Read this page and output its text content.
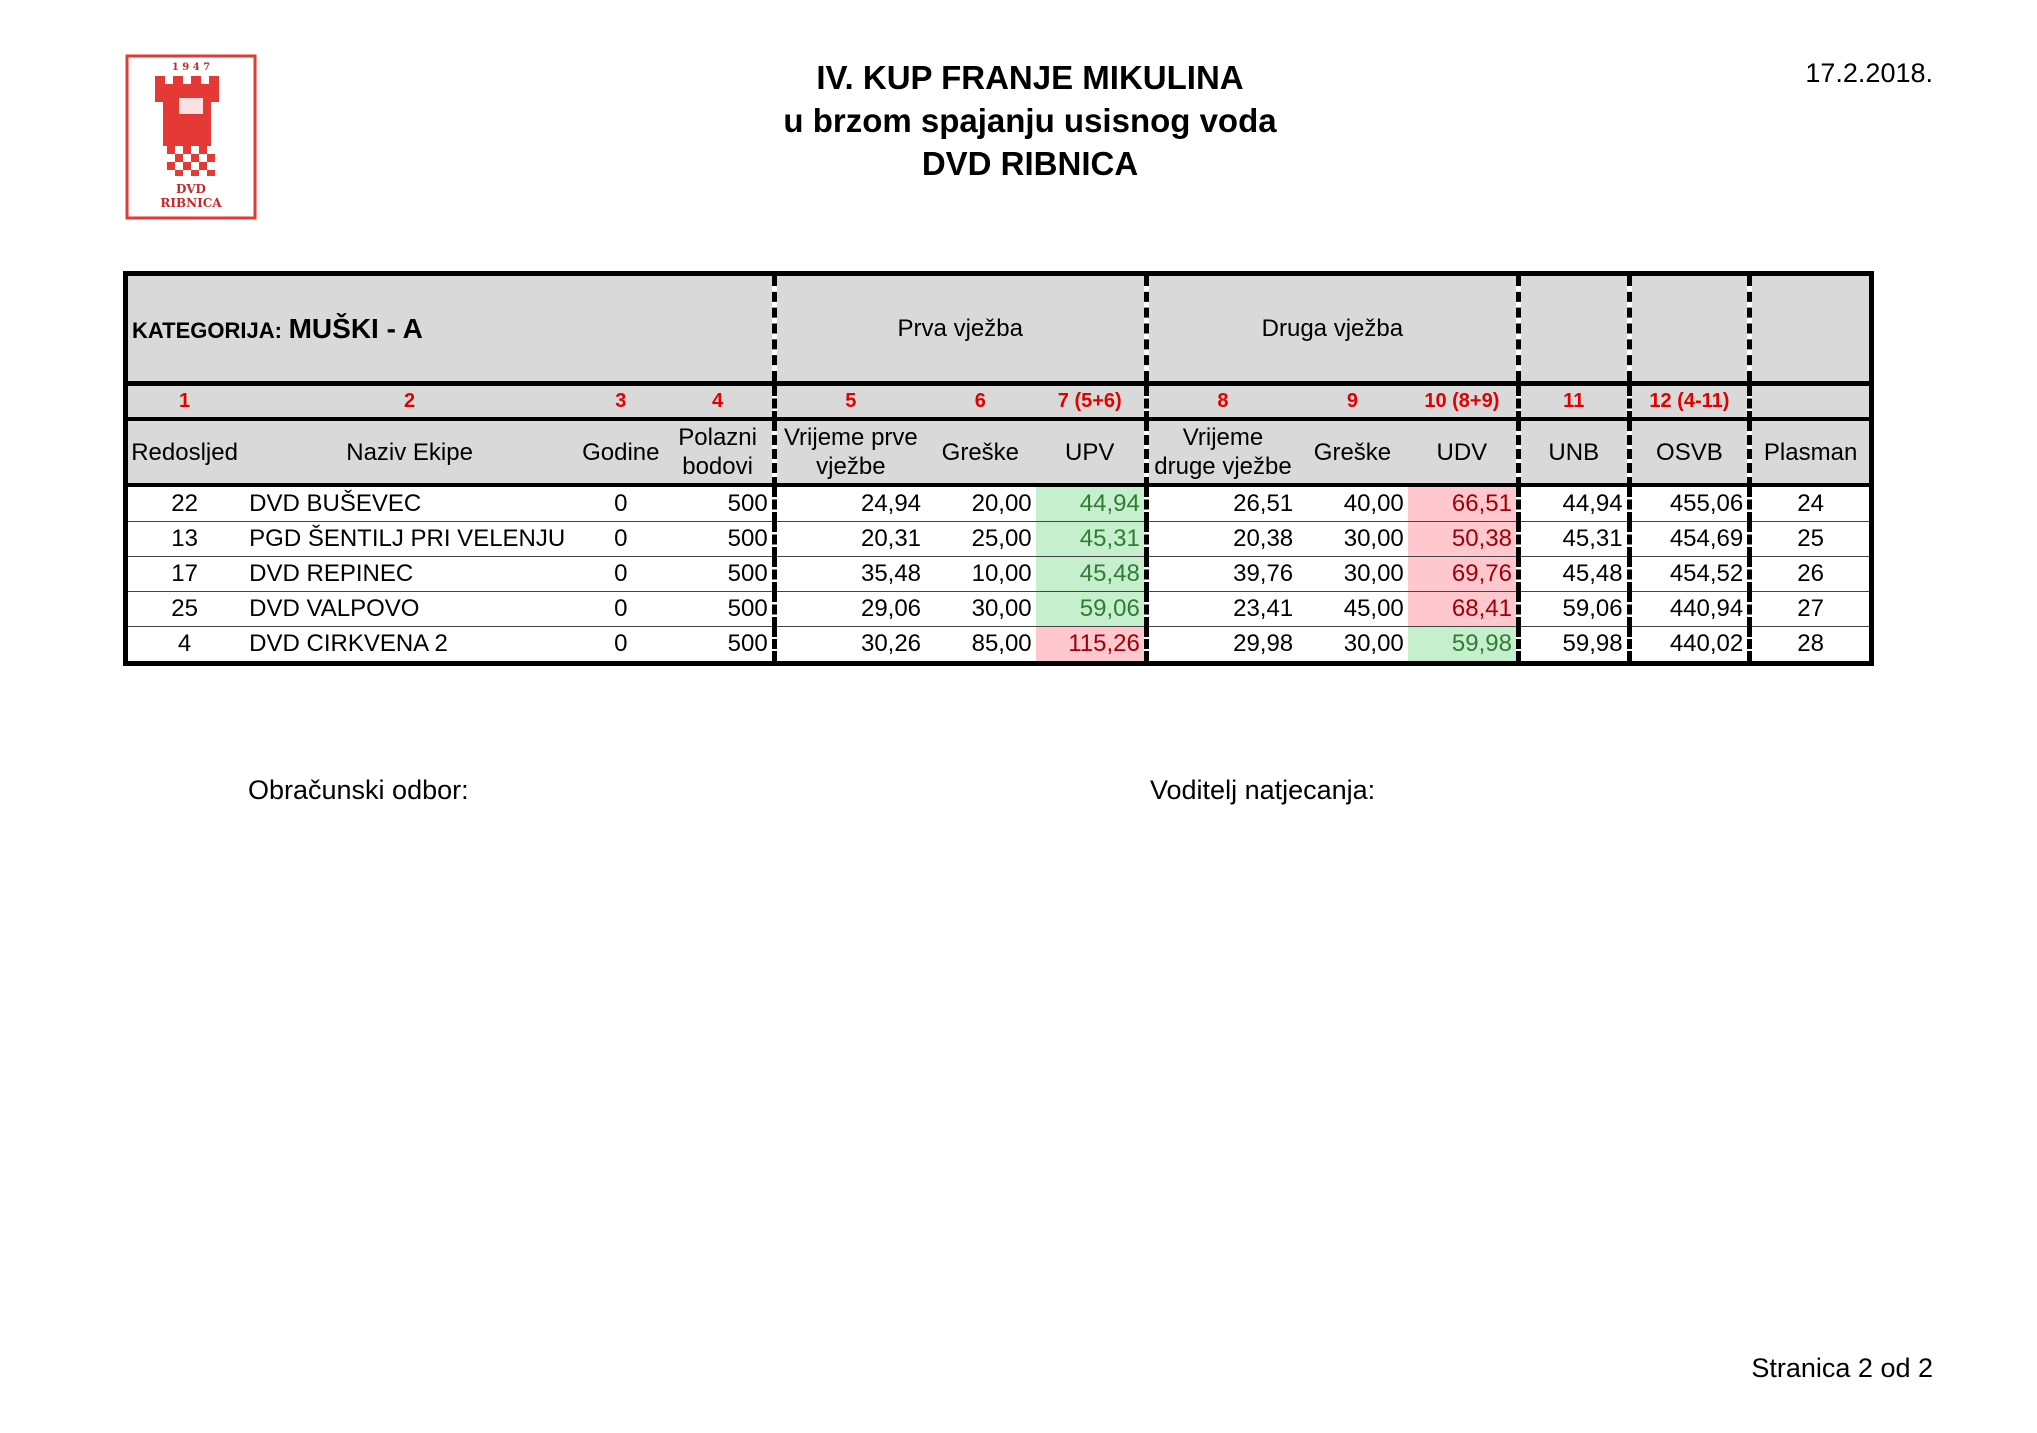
1 9 4 7
DVD
RIBNICA
17.2.2018.
IV. KUP FRANJE MIKULINA
u brzom spajanju usisnog voda
DVD RIBNICA
KATEGORIJA: MUŠKI - A				Prva vježba			Druga vježba					
1	2	3	4	5	6	7 (5+6)	8	9	10 (8+9)	11	12 (4-11)	
Redoslјed	Naziv Ekipe	Godine	Polazni bodovi	Vrijeme prve vježbe	Greške	UPV	Vrijeme druge vježbe	Greške	UDV	UNB	OSVB	Plasman
22	DVD BUŠEVEC	0	500	24,94	20,00	44,94	26,51	40,00	66,51	44,94	455,06	24
13	PGD ŠENTILJ PRI VELENJU	0	500	20,31	25,00	45,31	20,38	30,00	50,38	45,31	454,69	25
17	DVD REPINEC	0	500	35,48	10,00	45,48	39,76	30,00	69,76	45,48	454,52	26
25	DVD VALPOVO	0	500	29,06	30,00	59,06	23,41	45,00	68,41	59,06	440,94	27
4	DVD CIRKVENA 2	0	500	30,26	85,00	115,26	29,98	30,00	59,98	59,98	440,02	28
Obračunski odbor:	Voditelj natjecanja:
Stranica 2 od 2
